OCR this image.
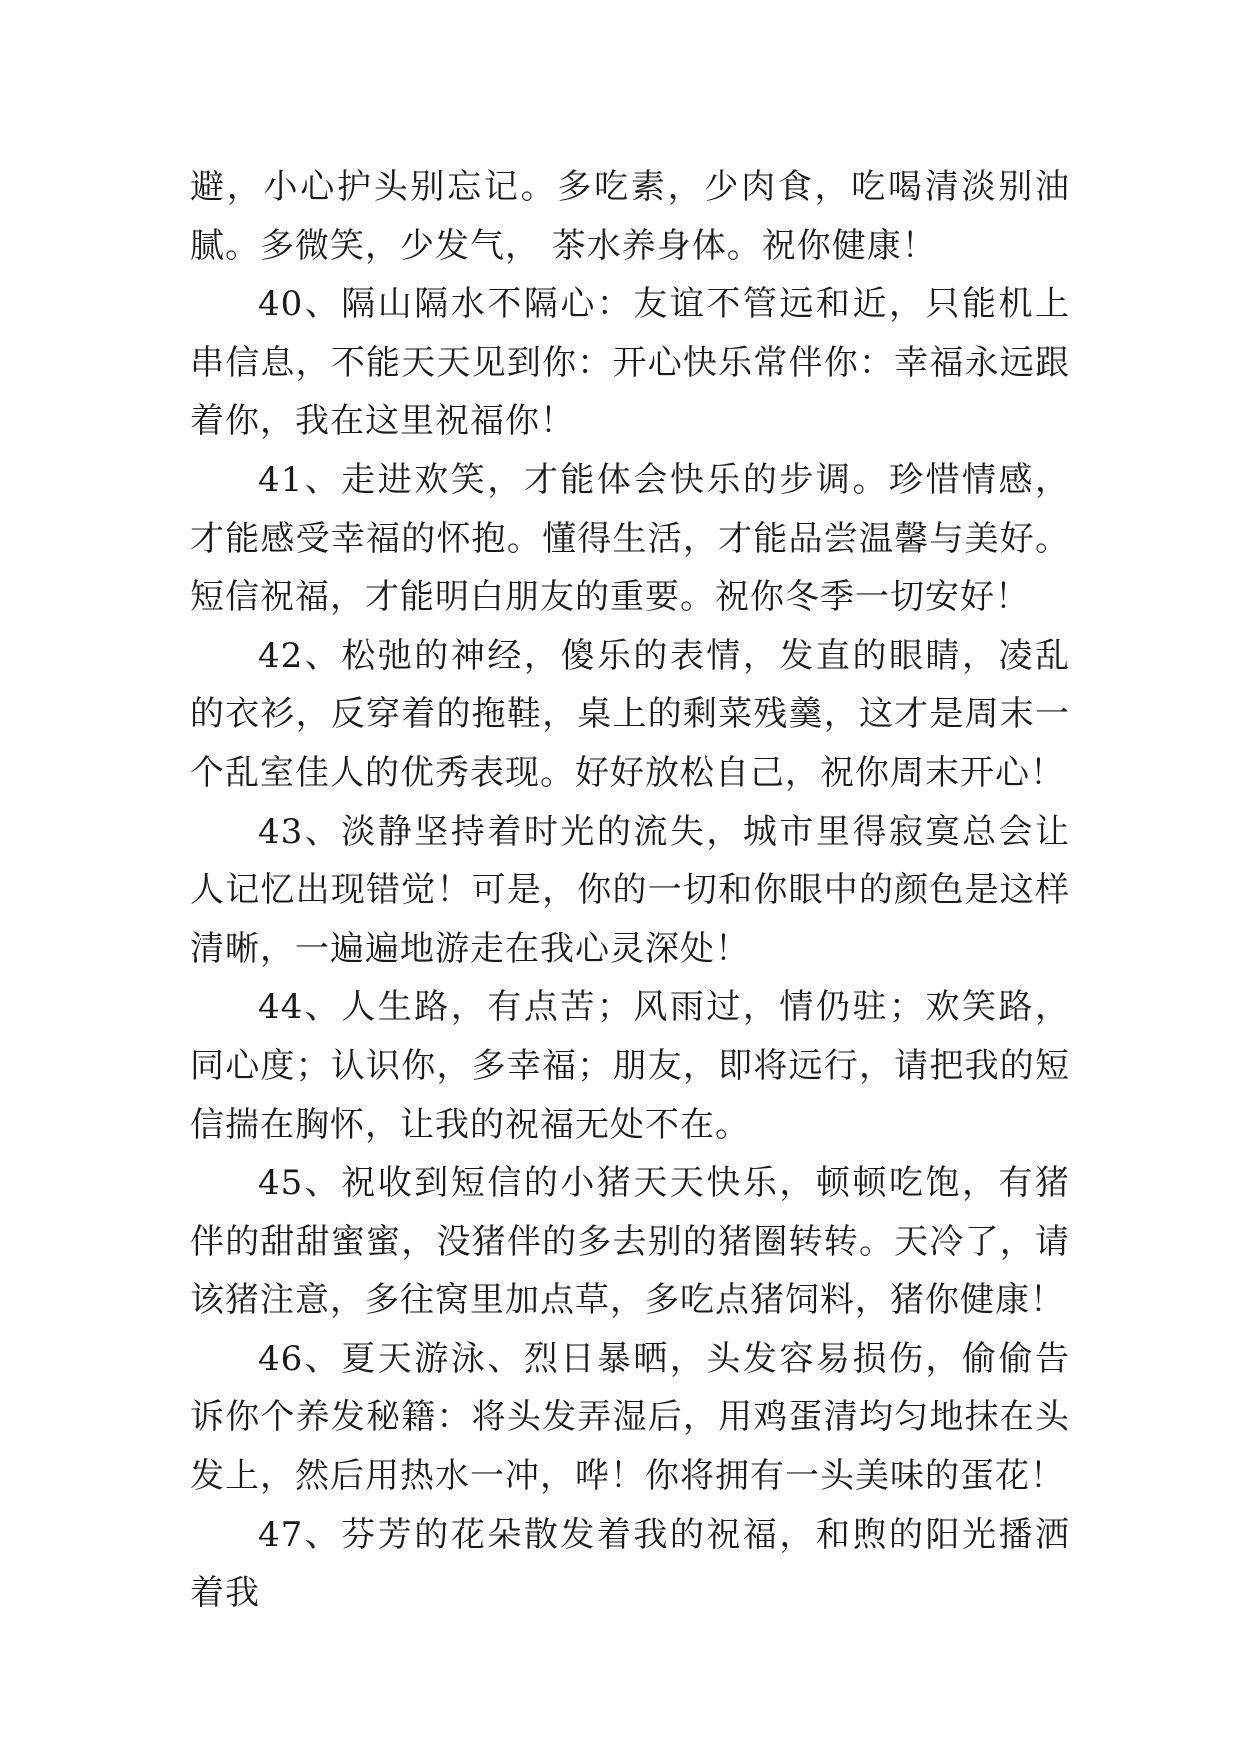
避，小心护头别忘记。多吃素，少肉食，吃喝清淡别油腻。多微笑，少发气， 茶水养身体。祝你健康！

40、隔山隔水不隔心：友谊不管远和近，只能机上串信息，不能天天见到你：开心快乐常伴你：幸福永远跟着你，我在这里祝福你！

41、走进欢笑，才能体会快乐的步调。珍惜情感，才能感受幸福的怀抱。懂得生活，才能品尝温馨与美好。短信祝福，才能明白朋友的重要。祝你冬季一切安好！

42、松弛的神经，傻乐的表情，发直的眼睛，凌乱的衣衫，反穿着的拖鞋，桌上的剩菜残羹，这才是周末一个乱室佳人的优秀表现。好好放松自己，祝你周末开心！

43、淡静坚持着时光的流失，城市里得寂寞总会让人记忆出现错觉！可是，你的一切和你眼中的颜色是这样清晰，一遍遍地游走在我心灵深处！

44、人生路，有点苦；风雨过，情仍驻；欢笑路，同心度；认识你，多幸福；朋友，即将远行，请把我的短信揣在胸怀，让我的祝福无处不在。

45、祝收到短信的小猪天天快乐，顿顿吃饱，有猪伴的甜甜蜜蜜，没猪伴的多去别的猪圈转转。天冷了，请该猪注意，多往窝里加点草，多吃点猪饲料，猪你健康！

46、夏天游泳、烈日暴晒，头发容易损伤，偷偷告诉你个养发秘籍：将头发弄湿后，用鸡蛋清均匀地抹在头发上，然后用热水一冲，哗！你将拥有一头美味的蛋花！

47、芬芳的花朵散发着我的祝福，和煦的阳光播洒着我
